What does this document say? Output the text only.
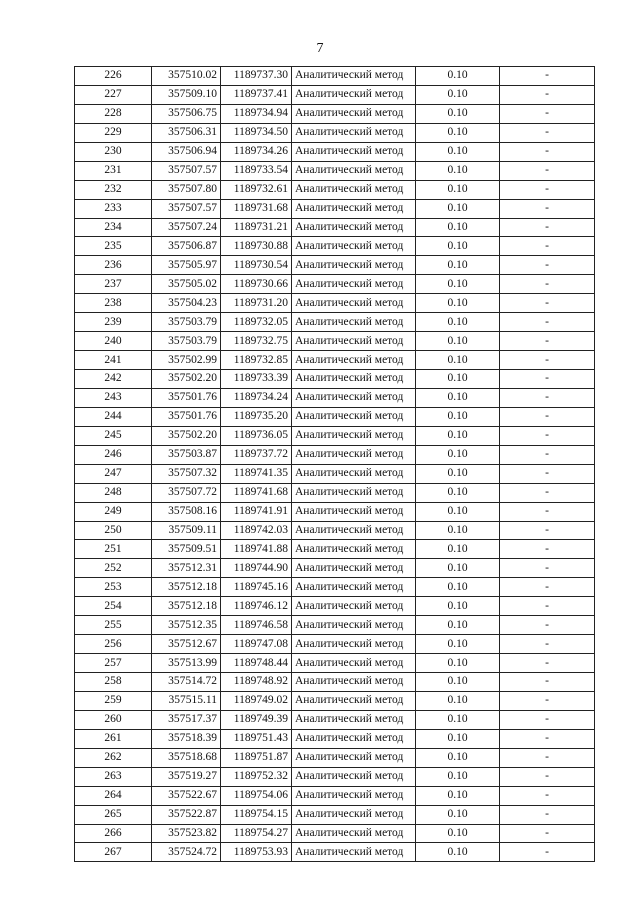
7
226	357510.02	1189737.30	Аналитический метод	0.10	-
227	357509.10	1189737.41	Аналитический метод	0.10	-
228	357506.75	1189734.94	Аналитический метод	0.10	-
229	357506.31	1189734.50	Аналитический метод	0.10	-
230	357506.94	1189734.26	Аналитический метод	0.10	-
231	357507.57	1189733.54	Аналитический метод	0.10	-
232	357507.80	1189732.61	Аналитический метод	0.10	-
233	357507.57	1189731.68	Аналитический метод	0.10	-
234	357507.24	1189731.21	Аналитический метод	0.10	-
235	357506.87	1189730.88	Аналитический метод	0.10	-
236	357505.97	1189730.54	Аналитический метод	0.10	-
237	357505.02	1189730.66	Аналитический метод	0.10	-
238	357504.23	1189731.20	Аналитический метод	0.10	-
239	357503.79	1189732.05	Аналитический метод	0.10	-
240	357503.79	1189732.75	Аналитический метод	0.10	-
241	357502.99	1189732.85	Аналитический метод	0.10	-
242	357502.20	1189733.39	Аналитический метод	0.10	-
243	357501.76	1189734.24	Аналитический метод	0.10	-
244	357501.76	1189735.20	Аналитический метод	0.10	-
245	357502.20	1189736.05	Аналитический метод	0.10	-
246	357503.87	1189737.72	Аналитический метод	0.10	-
247	357507.32	1189741.35	Аналитический метод	0.10	-
248	357507.72	1189741.68	Аналитический метод	0.10	-
249	357508.16	1189741.91	Аналитический метод	0.10	-
250	357509.11	1189742.03	Аналитический метод	0.10	-
251	357509.51	1189741.88	Аналитический метод	0.10	-
252	357512.31	1189744.90	Аналитический метод	0.10	-
253	357512.18	1189745.16	Аналитический метод	0.10	-
254	357512.18	1189746.12	Аналитический метод	0.10	-
255	357512.35	1189746.58	Аналитический метод	0.10	-
256	357512.67	1189747.08	Аналитический метод	0.10	-
257	357513.99	1189748.44	Аналитический метод	0.10	-
258	357514.72	1189748.92	Аналитический метод	0.10	-
259	357515.11	1189749.02	Аналитический метод	0.10	-
260	357517.37	1189749.39	Аналитический метод	0.10	-
261	357518.39	1189751.43	Аналитический метод	0.10	-
262	357518.68	1189751.87	Аналитический метод	0.10	-
263	357519.27	1189752.32	Аналитический метод	0.10	-
264	357522.67	1189754.06	Аналитический метод	0.10	-
265	357522.87	1189754.15	Аналитический метод	0.10	-
266	357523.82	1189754.27	Аналитический метод	0.10	-
267	357524.72	1189753.93	Аналитический метод	0.10	-
